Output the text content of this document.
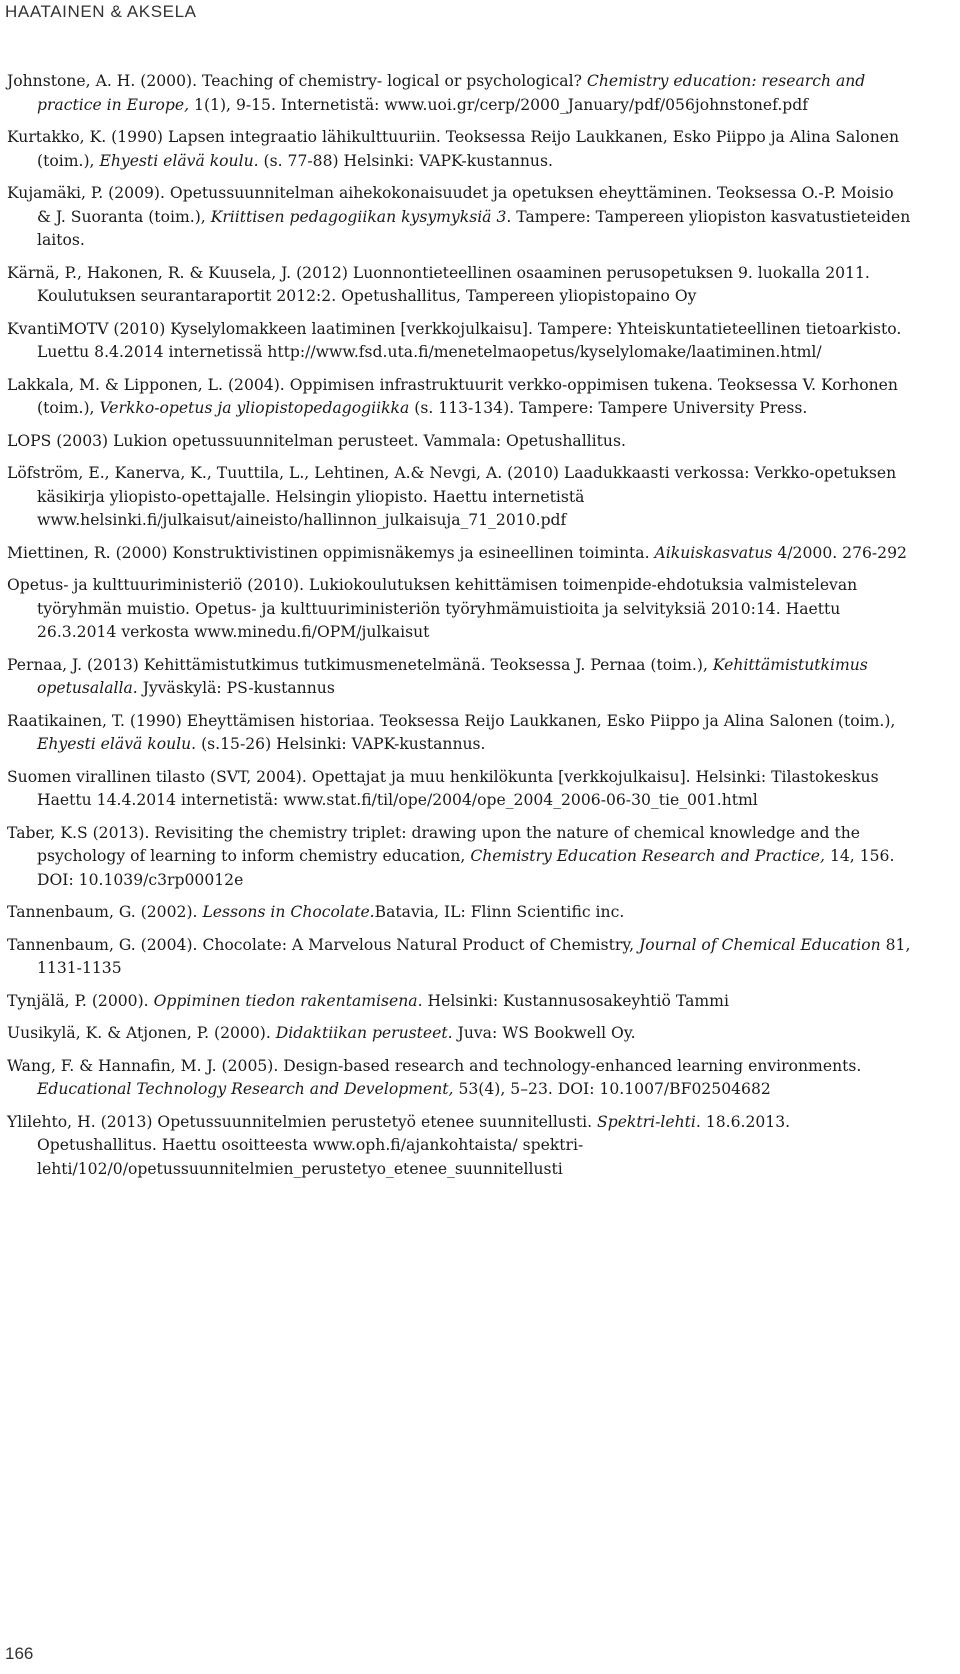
HAATAINEN & AKSELA

Johnstone, A. H. (2000). Teaching of chemistry- logical or psychological? Chemistry education: research and practice in Europe, 1(1), 9-15. Internetistä: www.uoi.gr/cerp/2000_January/pdf/056johnstonef.pdf

Kurtakko, K. (1990) Lapsen integraatio lähikulttuuriin. Teoksessa Reijo Laukkanen, Esko Piippo ja Alina Salonen (toim.), Ehyesti elävä koulu. (s. 77-88) Helsinki: VAPK-kustannus.

Kujamäki, P. (2009). Opetussuunnitelman aihekokonaisuudet ja opetuksen eheyttäminen. Teoksessa O.-P. Moisio & J. Suoranta (toim.), Kriittisen pedagogiikan kysymyksiä 3. Tampere: Tampereen yliopiston kasvatustieteiden laitos.

Kärnä, P., Hakonen, R. & Kuusela, J. (2012) Luonnontieteellinen osaaminen perusopetuksen 9. luokalla 2011. Koulutuksen seurantaraportit 2012:2. Opetushallitus, Tampereen yliopistopaino Oy

KvantiMOTV (2010) Kyselylomakkeen laatiminen [verkkojulkaisu]. Tampere: Yhteiskuntatieteellinen tietoarkisto. Luettu 8.4.2014 internetissä http://www.fsd.uta.fi/menetelmaopetus/kyselylomake/laatiminen.html/

Lakkala, M. & Lipponen, L. (2004). Oppimisen infrastruktuurit verkko-oppimisen tukena. Teoksessa V. Korhonen (toim.), Verkko-opetus ja yliopistopedagogiikka (s. 113-134). Tampere: Tampere University Press.

LOPS (2003) Lukion opetussuunnitelman perusteet. Vammala: Opetushallitus.

Löfström, E., Kanerva, K., Tuuttila, L., Lehtinen, A.& Nevgi, A. (2010) Laadukkaasti verkossa: Verkko-opetuksen käsikirja yliopisto-opettajalle. Helsingin yliopisto. Haettu internetistä www.helsinki.fi/julkaisut/aineisto/hallinnon_julkaisuja_71_2010.pdf

Miettinen, R. (2000) Konstruktivistinen oppimisnäkemys ja esineellinen toiminta. Aikuiskasvatus 4/2000. 276-292

Opetus- ja kulttuuriministeriö (2010). Lukiokoulutuksen kehittämisen toimenpide-ehdotuksia valmistelevan työryhmän muistio. Opetus- ja kulttuuriministeriön työryhmämuistioita ja selvityksiä 2010:14. Haettu 26.3.2014 verkosta www.minedu.fi/OPM/julkaisut

Pernaa, J. (2013) Kehittämistutkimus tutkimusmenetelmänä. Teoksessa J. Pernaa (toim.), Kehittämistutkimus opetusalalla. Jyväskylä: PS-kustannus

Raatikainen, T. (1990) Eheyttämisen historiaa. Teoksessa Reijo Laukkanen, Esko Piippo ja Alina Salonen (toim.), Ehyesti elävä koulu. (s.15-26) Helsinki: VAPK-kustannus.

Suomen virallinen tilasto (SVT, 2004). Opettajat ja muu henkilökunta [verkkojulkaisu]. Helsinki: Tilastokeskus Haettu 14.4.2014 internetistä: www.stat.fi/til/ope/2004/ope_2004_2006-06-30_tie_001.html

Taber, K.S (2013). Revisiting the chemistry triplet: drawing upon the nature of chemical knowledge and the psychology of learning to inform chemistry education, Chemistry Education Research and Practice, 14, 156. DOI: 10.1039/c3rp00012e

Tannenbaum, G. (2002). Lessons in Chocolate.Batavia, IL: Flinn Scientific inc.

Tannenbaum, G. (2004). Chocolate: A Marvelous Natural Product of Chemistry, Journal of Chemical Education 81, 1131-1135

Tynjälä, P. (2000). Oppiminen tiedon rakentamisena. Helsinki: Kustannusosakeyhtiö Tammi

Uusikylä, K. & Atjonen, P. (2000). Didaktiikan perusteet. Juva: WS Bookwell Oy.

Wang, F. & Hannafin, M. J. (2005). Design-based research and technology-enhanced learning environments. Educational Technology Research and Development, 53(4), 5–23. DOI: 10.1007/BF02504682

Ylilehto, H. (2013) Opetussuunnitelmien perustetyö etenee suunnitellusti. Spektri-lehti. 18.6.2013. Opetushallitus. Haettu osoitteesta www.oph.fi/ajankohtaista/ spektri-lehti/102/0/opetussuunnitelmien_perustetyo_etenee_suunnitellusti

166
